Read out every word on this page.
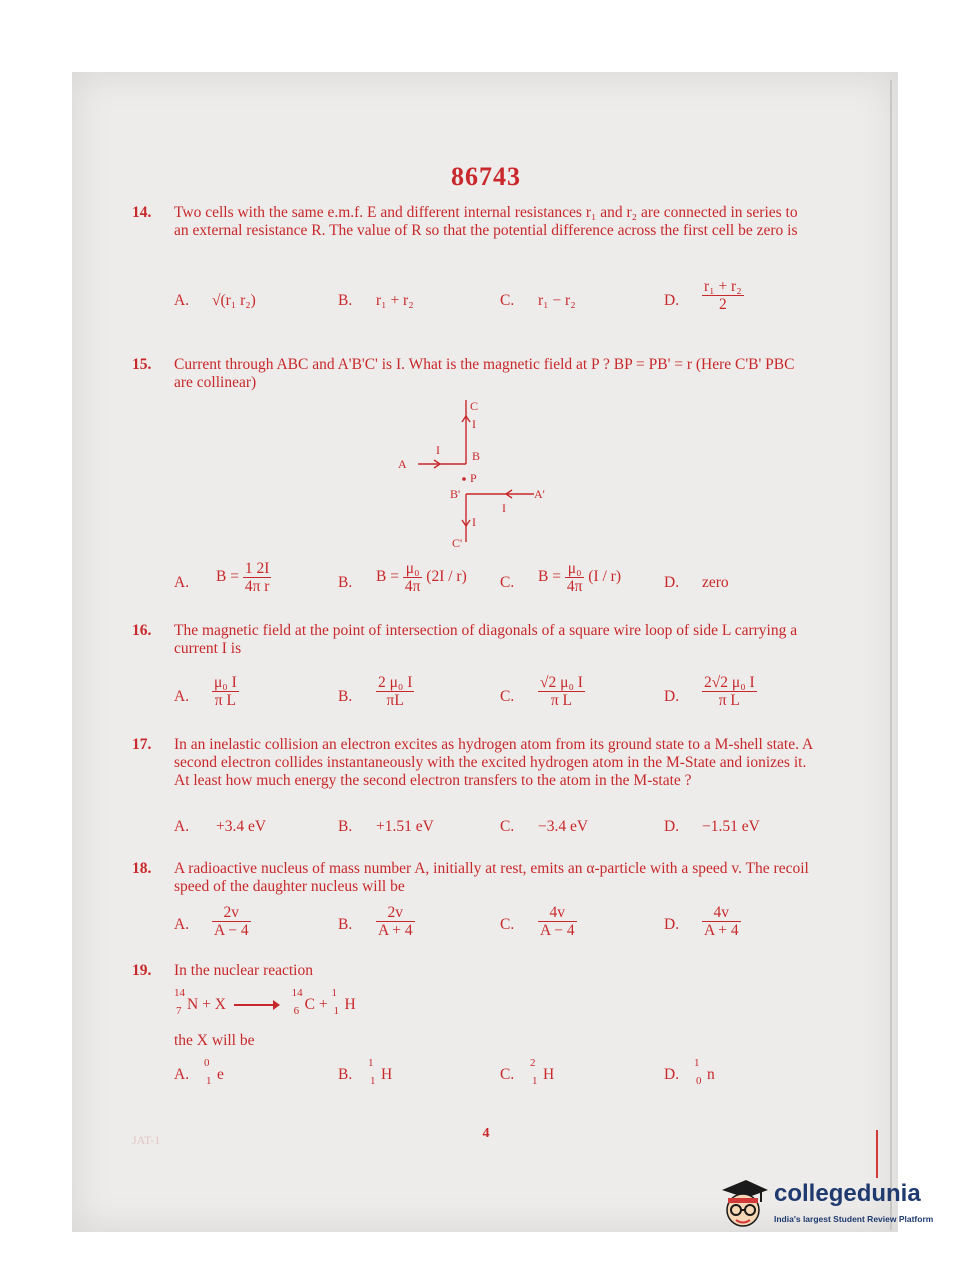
86743
14. Two cells with the same e.m.f. E and different internal resistances r₁ and r₂ are connected in series to an external resistance R. The value of R so that the potential difference across the first cell be zero is
A. √(r₁ r₂)	B. r₁ + r₂	C. r₁ − r₂	D. $\frac{\text{r₁ + r₂}}{2}$
15. Current through ABC and A'B'C' is I. What is the magnetic field at P ? BP = PB' = r (Here C'B' PBC are collinear)
C
I
B
A
I
P
B'	A'
I
I
C'
A. $B = \frac{1 2I}{\text{4π r}}$	B. $B = \frac{\text{μ₀}}{4\pi} (2I / r)$ C. $B = \frac{\text{μ₀}}{4\pi} (I / r)$	D. zero
16. The magnetic field at the point of intersection of diagonals of a square wire loop of side L carrying a current I is
A. $\frac{\text{μ₀ I}}{\text{π L}}$	B. $\frac{\text{2 μ₀ I}}{\pi L}$	C. $\frac{\text{√2 μ₀ I}}{\text{π L}}$	D. $\frac{\text{2√2 μ₀ I}}{\text{π L}}$
17. In an inelastic collision an electron excites as hydrogen atom from its ground state to a M-shell state. A second electron collides instantaneously with the excited hydrogen atom in the M-State and ionizes it. At least how much energy the second electron transfers to the atom in the M-state ?
A. +3.4 eV	B. +1.51 eV	C. −3.4 eV	D. −1.51 eV
18. A radioactive nucleus of mass number A, initially at rest, emits an α-particle with a speed v. The recoil speed of the daughter nucleus will be
A. $\frac{2v}{A - 4}$	B. $\frac{2v}{A + 4}$	C. $\frac{4v}{A - 4}$	D. $\frac{4v}{A + 4}$
19. In the nuclear reaction
14
7 N + X

14
6 C +
1
1 H
the X will be
A.
0
1 e	B.
1
1 H	C.
2
1 H	D.
1
0 n
JAT-1	4
collegedunia
India's largest Student Review Platform
